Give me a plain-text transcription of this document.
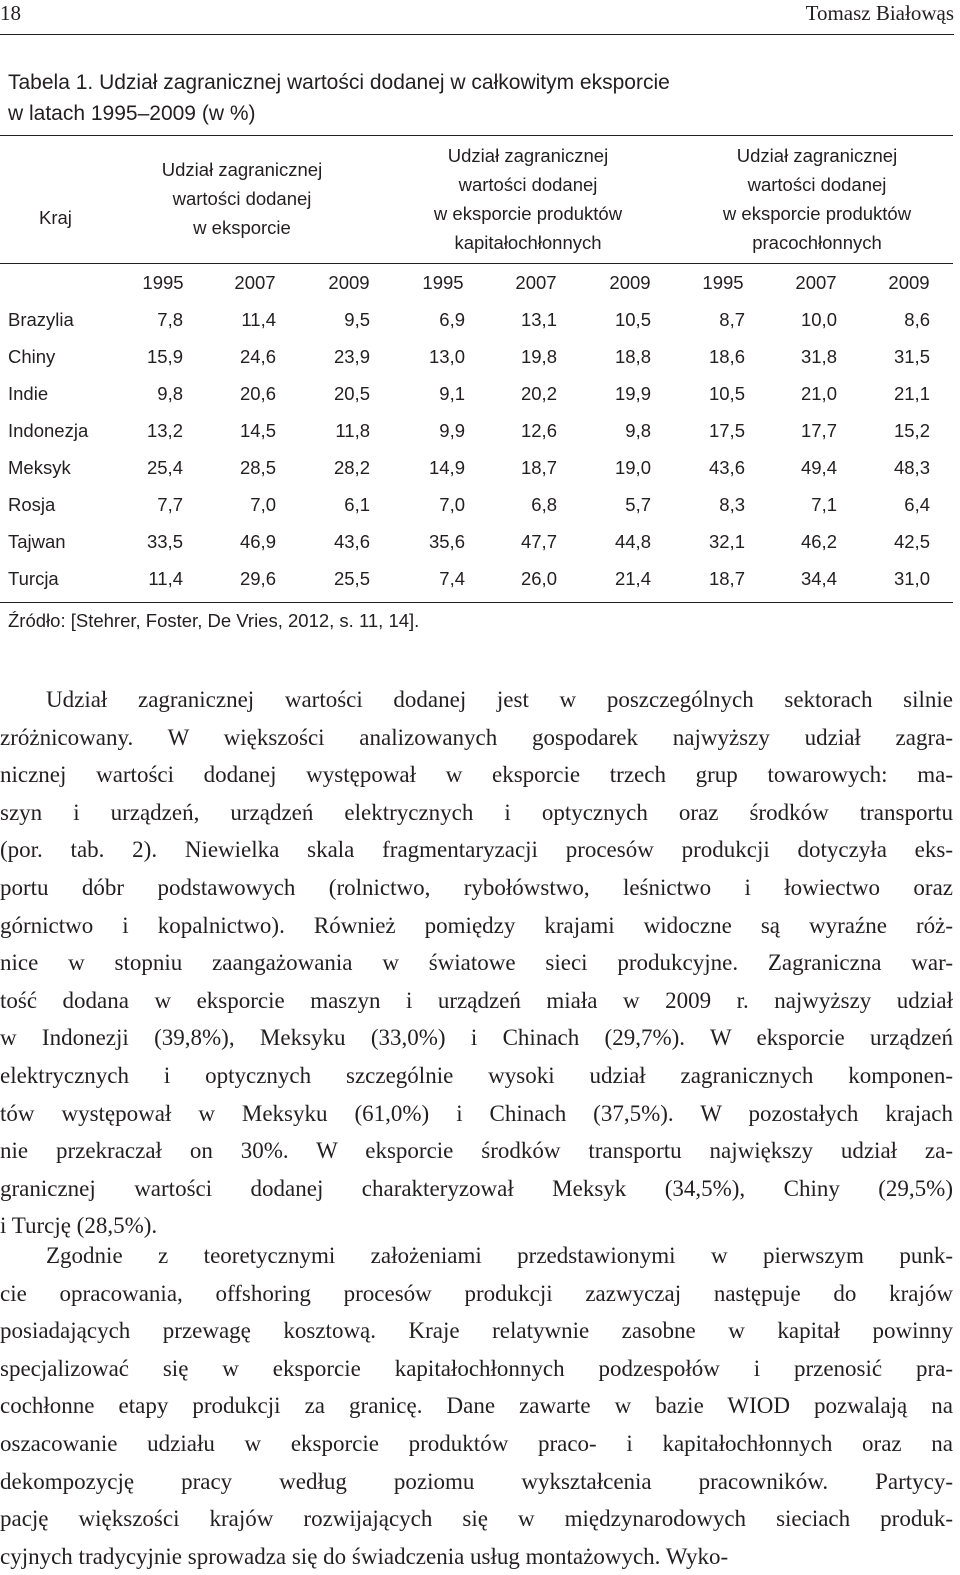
18	Tomasz Białowąs
Tabela 1. Udział zagranicznej wartości dodanej w całkowitym eksporcie
w latach 1995–2009 (w %)
Kraj
Udział zagranicznej
wartości dodanej
w eksporcie
Udział zagranicznej
wartości dodanej
w eksporcie produktów
kapitałochłonnych
Udział zagranicznej
wartości dodanej
w eksporcie produktów
pracochłonnych
1995	2007	2009	1995	2007	2009	1995	2007	2009
Brazylia	7,8	11,4	9,5	6,9	13,1	10,5	8,7	10,0	8,6
Chiny	15,9	24,6	23,9	13,0	19,8	18,8	18,6	31,8	31,5
Indie	9,8	20,6	20,5	9,1	20,2	19,9	10,5	21,0	21,1
Indonezja	13,2	14,5	11,8	9,9	12,6	9,8	17,5	17,7	15,2
Meksyk	25,4	28,5	28,2	14,9	18,7	19,0	43,6	49,4	48,3
Rosja	7,7	7,0	6,1	7,0	6,8	5,7	8,3	7,1	6,4
Tajwan	33,5	46,9	43,6	35,6	47,7	44,8	32,1	46,2	42,5
Turcja	11,4	29,6	25,5	7,4	26,0	21,4	18,7	34,4	31,0
Źródło: [Stehrer, Foster, De Vries, 2012, s. 11, 14].
Udział zagranicznej wartości dodanej jest w poszczególnych sektorach silnie
zróżnicowany. W większości analizowanych gospodarek najwyższy udział zagra-
nicznej wartości dodanej występował w eksporcie trzech grup towarowych: ma-
szyn i urządzeń, urządzeń elektrycznych i optycznych oraz środków transportu
(por. tab. 2). Niewielka skala fragmentaryzacji procesów produkcji dotyczyła eks-
portu dóbr podstawowych (rolnictwo, rybołówstwo, leśnictwo i łowiectwo oraz
górnictwo i kopalnictwo). Również pomiędzy krajami widoczne są wyraźne róż-
nice w stopniu zaangażowania w światowe sieci produkcyjne. Zagraniczna war-
tość dodana w eksporcie maszyn i urządzeń miała w 2009 r. najwyższy udział
w Indonezji (39,8%), Meksyku (33,0%) i Chinach (29,7%). W eksporcie urządzeń
elektrycznych i optycznych szczególnie wysoki udział zagranicznych komponen-
tów występował w Meksyku (61,0%) i Chinach (37,5%). W pozostałych krajach
nie przekraczał on 30%. W eksporcie środków transportu największy udział za-
granicznej wartości dodanej charakteryzował Meksyk (34,5%), Chiny (29,5%)
i Turcję (28,5%).
Zgodnie z teoretycznymi założeniami przedstawionymi w pierwszym punk-
cie opracowania, offshoring procesów produkcji zazwyczaj następuje do krajów
posiadających przewagę kosztową. Kraje relatywnie zasobne w kapitał powinny
specjalizować się w eksporcie kapitałochłonnych podzespołów i przenosić pra-
cochłonne etapy produkcji za granicę. Dane zawarte w bazie WIOD pozwalają na
oszacowanie udziału w eksporcie produktów praco- i kapitałochłonnych oraz na
dekompozycję pracy według poziomu wykształcenia pracowników. Partycy-
pację większości krajów rozwijających się w międzynarodowych sieciach produk-
cyjnych tradycyjnie sprowadza się do świadczenia usług montażowych. Wyko-
